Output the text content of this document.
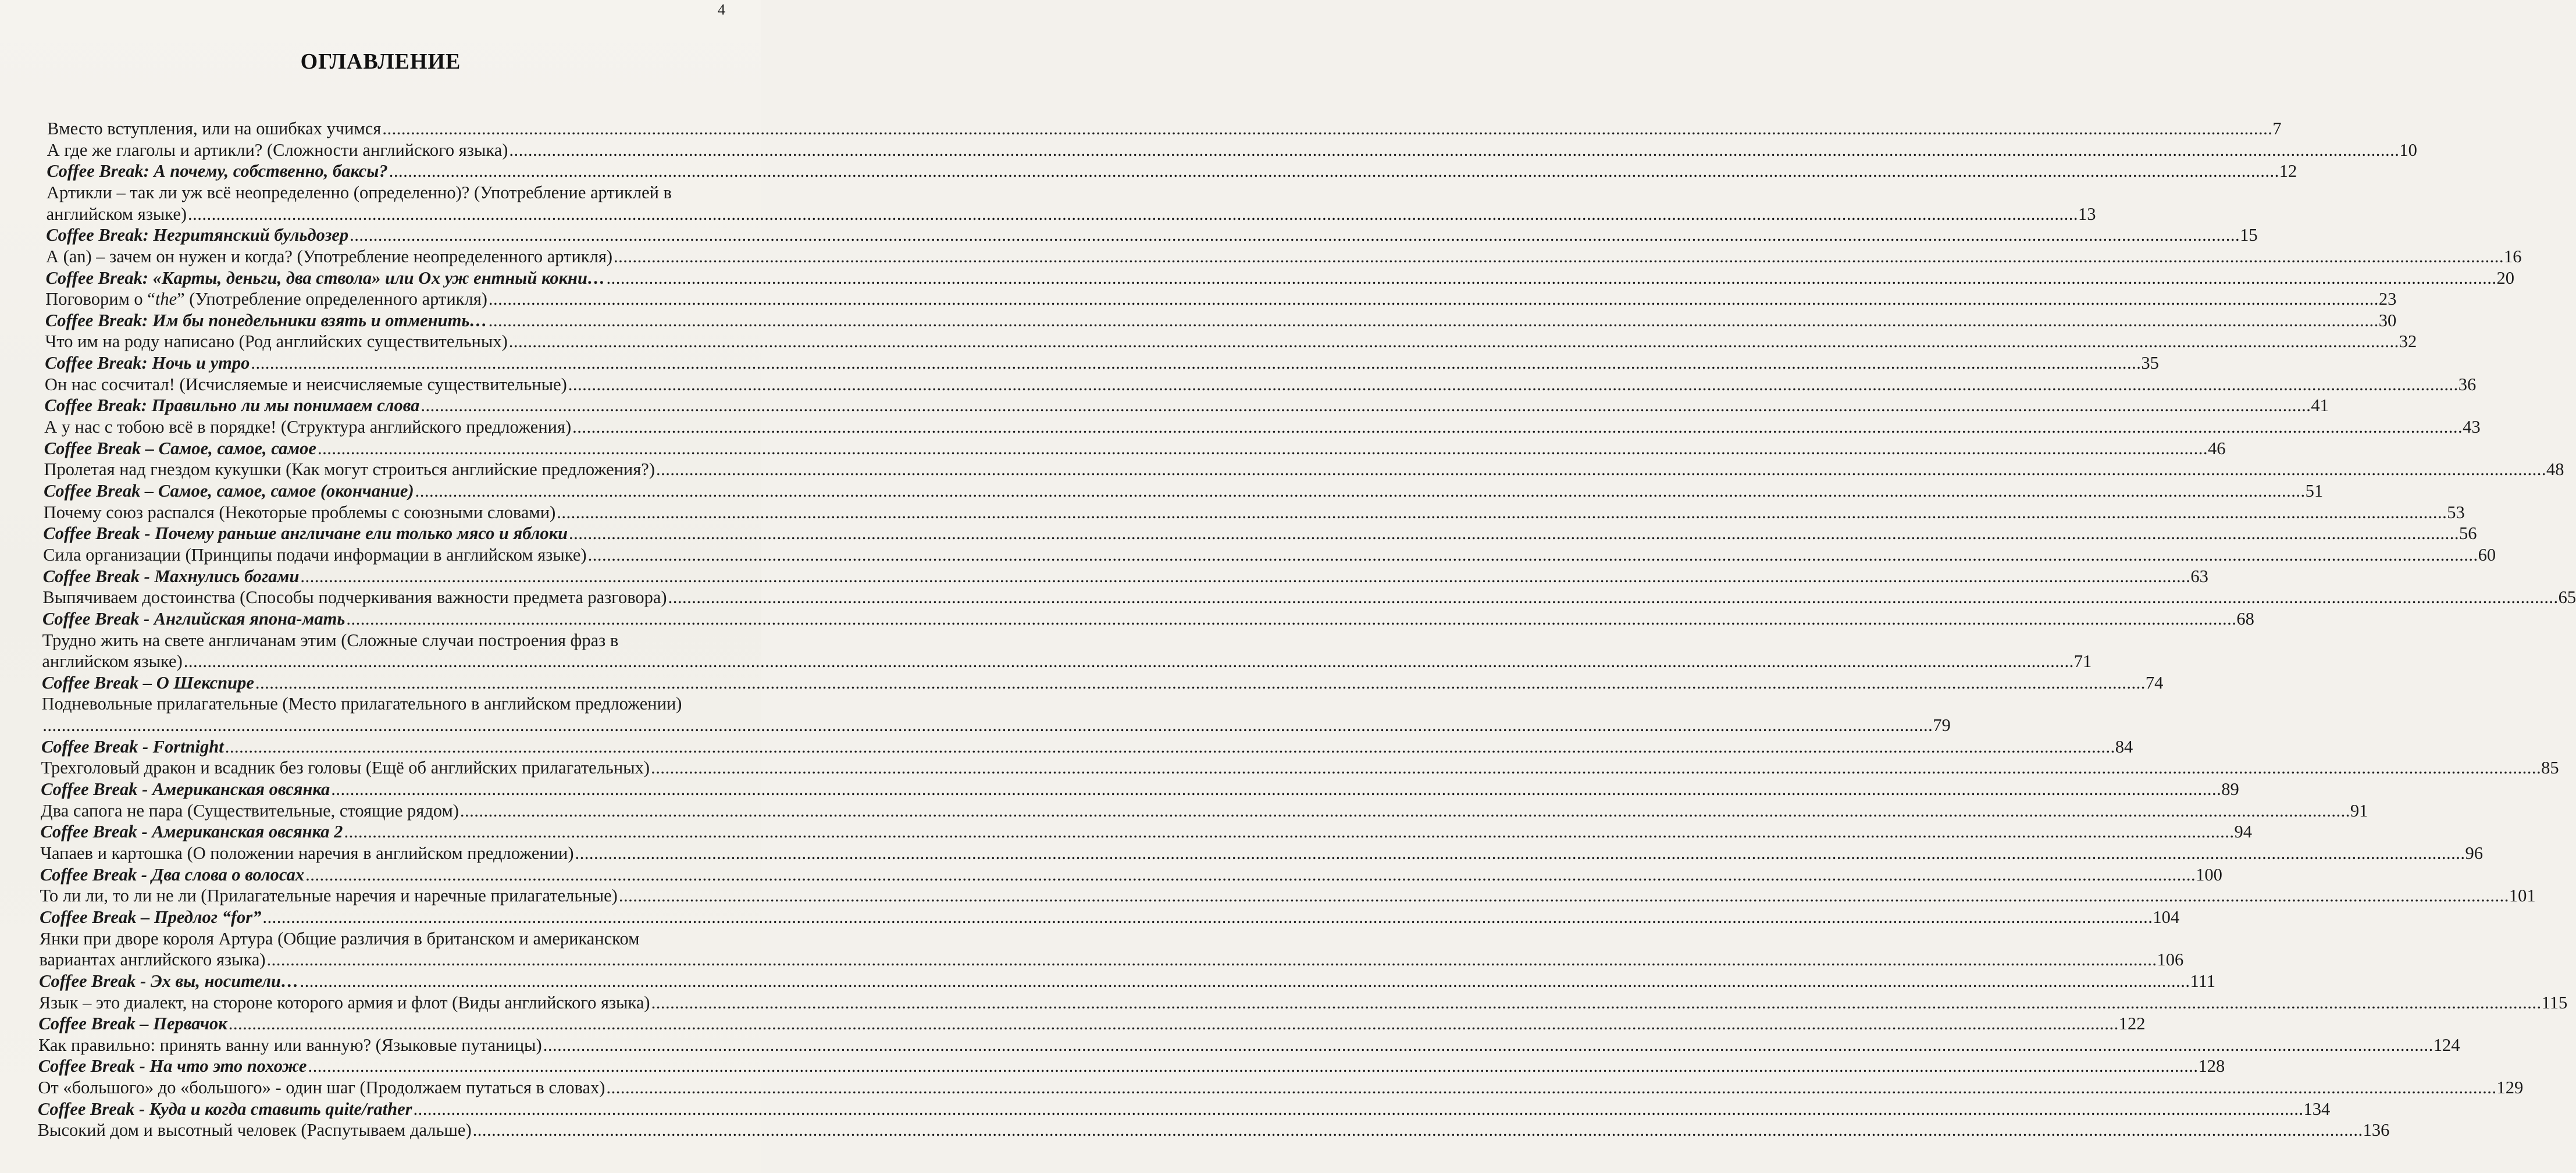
4
ОГЛАВЛЕНИЕ
Вместо вступления, или на ошибках учимся ................................................................................................................................................................................................................................................................................................................................................................................................................ 7
А где же глаголы и артикли? (Сложности английского языка) ................................................................................................................................................................................................................................................................................................................................................................................................................ 10
Coffee Break: А почему, собственно, баксы? ................................................................................................................................................................................................................................................................................................................................................................................................................ 12
Артикли – так ли уж всё неопределенно (определенно)? (Употребление артиклей в
английском языке) ................................................................................................................................................................................................................................................................................................................................................................................................................ 13
Coffee Break: Негритянский бульдозер ................................................................................................................................................................................................................................................................................................................................................................................................................ 15
А (an) – зачем он нужен и когда? (Употребление неопределенного артикля) ................................................................................................................................................................................................................................................................................................................................................................................................................ 16
Coffee Break: «Карты, деньги, два ствола» или Ох уж ентный кокни… ................................................................................................................................................................................................................................................................................................................................................................................................................ 20
Поговорим о “the” (Употребление определенного артикля) ................................................................................................................................................................................................................................................................................................................................................................................................................ 23
Coffee Break: Им бы понедельники взять и отменить… ................................................................................................................................................................................................................................................................................................................................................................................................................ 30
Что им на роду написано (Род английских существительных) ................................................................................................................................................................................................................................................................................................................................................................................................................ 32
Coffee Break: Ночь и утро ................................................................................................................................................................................................................................................................................................................................................................................................................ 35
Он нас сосчитал! (Исчисляемые и неисчисляемые существительные) ................................................................................................................................................................................................................................................................................................................................................................................................................ 36
Coffee Break: Правильно ли мы понимаем слова ................................................................................................................................................................................................................................................................................................................................................................................................................ 41
А у нас с тобою всё в порядке! (Структура английского предложения) ................................................................................................................................................................................................................................................................................................................................................................................................................ 43
Coffee Break – Самое, самое, самое ................................................................................................................................................................................................................................................................................................................................................................................................................ 46
Пролетая над гнездом кукушки (Как могут строиться английские предложения?) ................................................................................................................................................................................................................................................................................................................................................................................................................ 48
Coffee Break – Самое, самое, самое (окончание) ................................................................................................................................................................................................................................................................................................................................................................................................................ 51
Почему союз распался (Некоторые проблемы с союзными словами) ................................................................................................................................................................................................................................................................................................................................................................................................................ 53
Coffee Break - Почему раньше англичане ели только мясо и яблоки ................................................................................................................................................................................................................................................................................................................................................................................................................ 56
Сила организации (Принципы подачи информации в английском языке) ................................................................................................................................................................................................................................................................................................................................................................................................................ 60
Coffee Break - Махнулись богами ................................................................................................................................................................................................................................................................................................................................................................................................................ 63
Выпячиваем достоинства (Способы подчеркивания важности предмета разговора) ................................................................................................................................................................................................................................................................................................................................................................................................................ 65
Coffee Break - Английская япона-мать ................................................................................................................................................................................................................................................................................................................................................................................................................ 68
Трудно жить на свете англичанам этим (Сложные случаи построения фраз в
английском языке) ................................................................................................................................................................................................................................................................................................................................................................................................................ 71
Coffee Break – О Шекспире ................................................................................................................................................................................................................................................................................................................................................................................................................ 74
Подневольные прилагательные (Место прилагательного в английском предложении)
................................................................................................................................................................................................................................................................................................................................................................................................................ 79
Coffee Break - Fortnight ................................................................................................................................................................................................................................................................................................................................................................................................................ 84
Трехголовый дракон и всадник без головы (Ещё об английских прилагательных) ................................................................................................................................................................................................................................................................................................................................................................................................................ 85
Coffee Break - Американская овсянка ................................................................................................................................................................................................................................................................................................................................................................................................................ 89
Два сапога не пара (Существительные, стоящие рядом) ................................................................................................................................................................................................................................................................................................................................................................................................................ 91
Coffee Break - Американская овсянка 2 ................................................................................................................................................................................................................................................................................................................................................................................................................ 94
Чапаев и картошка (О положении наречия в английском предложении) ................................................................................................................................................................................................................................................................................................................................................................................................................ 96
Coffee Break - Два слова о волосах ................................................................................................................................................................................................................................................................................................................................................................................................................ 100
То ли ли, то ли не ли (Прилагательные наречия и наречные прилагательные) ................................................................................................................................................................................................................................................................................................................................................................................................................ 101
Coffee Break – Предлог “for” ................................................................................................................................................................................................................................................................................................................................................................................................................ 104
Янки при дворе короля Артура (Общие различия в британском и американском
вариантах английского языка) ................................................................................................................................................................................................................................................................................................................................................................................................................ 106
Coffee Break - Эх вы, носители… ................................................................................................................................................................................................................................................................................................................................................................................................................ 111
Язык – это диалект, на стороне которого армия и флот (Виды английского языка) ................................................................................................................................................................................................................................................................................................................................................................................................................ 115
Coffee Break – Первачок ................................................................................................................................................................................................................................................................................................................................................................................................................ 122
Как правильно: принять ванну или ванную? (Языковые путаницы) ................................................................................................................................................................................................................................................................................................................................................................................................................ 124
Coffee Break - На что это похоже ................................................................................................................................................................................................................................................................................................................................................................................................................ 128
От «большого» до «большого» - один шаг (Продолжаем путаться в словах) ................................................................................................................................................................................................................................................................................................................................................................................................................ 129
Coffee Break - Куда и когда ставить quite/rather ................................................................................................................................................................................................................................................................................................................................................................................................................ 134
Высокий дом и высотный человек (Распутываем дальше) ................................................................................................................................................................................................................................................................................................................................................................................................................ 136
